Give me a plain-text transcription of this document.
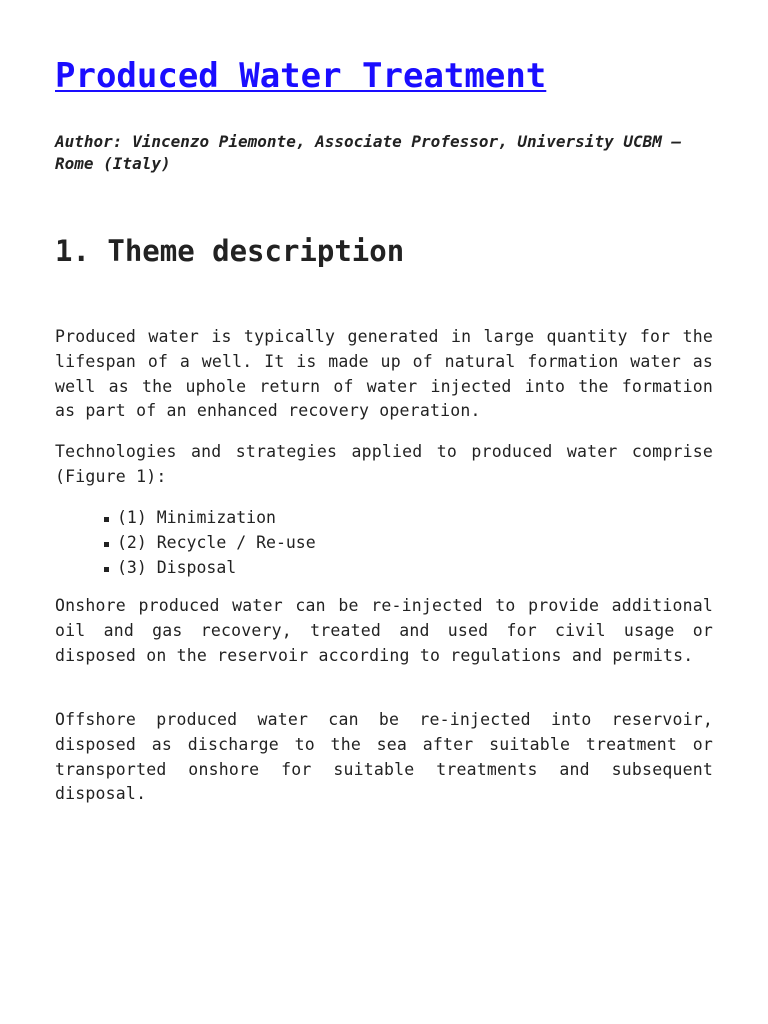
Produced Water Treatment

Author: Vincenzo Piemonte, Associate Professor, University UCBM – Rome (Italy)

1. Theme description

Produced water is typically generated in large quantity for the lifespan of a well. It is made up of natural formation water as well as the uphole return of water injected into the formation as part of an enhanced recovery operation.

Technologies and strategies applied to produced water comprise (Figure 1):

(1) Minimization
(2) Recycle / Re-use
(3) Disposal

Onshore produced water can be re-injected to provide additional oil and gas recovery, treated and used for civil usage or disposed on the reservoir according to regulations and permits.

Offshore produced water can be re-injected into reservoir, disposed as discharge to the sea after suitable treatment or transported onshore for suitable treatments and subsequent disposal.
